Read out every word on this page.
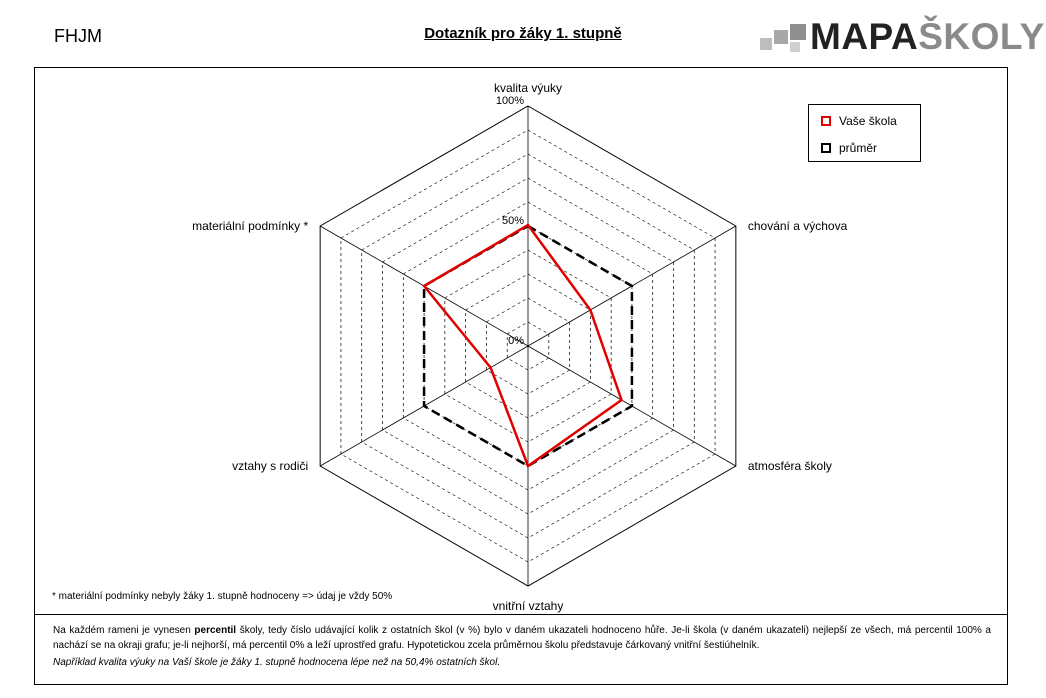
FHJM	Dotazník pro žáky 1. stupně	MAPAŠKOLY
0%
50%
100%
kvalita výuky
chování a výchova
atmosféra školy
vnitřní vztahy
vztahy s rodiči
materiální podmínky *
Vaše škola
průměr
* materiální podmínky nebyly žáky 1. stupně hodnoceny => údaj je vždy 50%
Na každém rameni je vynesen percentil školy, tedy číslo udávající kolik z ostatních škol (v %) bylo v daném ukazateli hodnoceno hůře. Je-li škola (v daném ukazateli) nejlepší ze všech, má percentil 100% a nachází se na okraji grafu; je-li nejhorší, má percentil 0% a leží uprostřed grafu. Hypotetickou zcela průměrnou školu představuje čárkovaný vnitřní šestiúhelník.
Například kvalita výuky na Vaší škole je žáky 1. stupně hodnocena lépe než na 50,4% ostatních škol.
